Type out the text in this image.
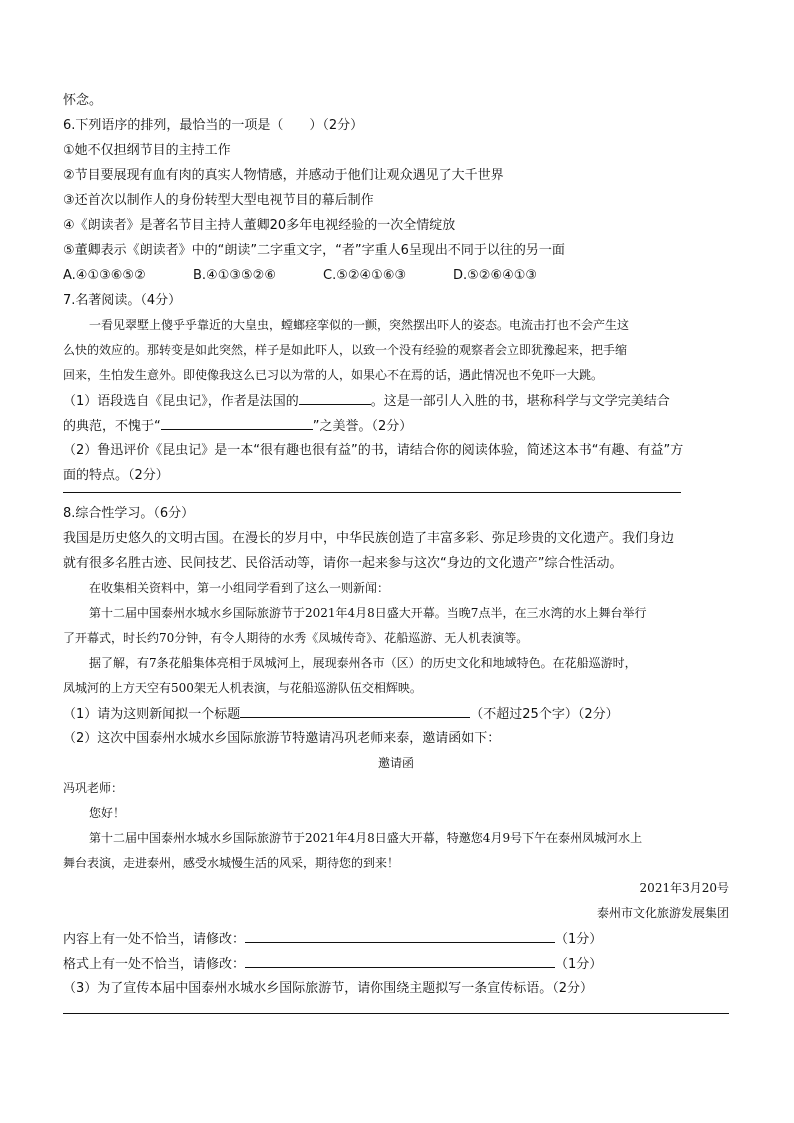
怀念。
6.下列语序的排列，最恰当的一项是（　　）（2分）
①她不仅担纲节目的主持工作
②节目要展现有血有肉的真实人物情感，并感动于他们让观众遇见了大千世界
③还首次以制作人的身份转型大型电视节目的幕后制作
④《朗读者》是著名节目主持人董卿20多年电视经验的一次全情绽放
⑤董卿表示《朗读者》中的“朗读”二字重文字，“者”字重人6呈现出不同于以往的另一面
A.④①③⑥⑤②	B.④①③⑤②⑥	C.⑤②④①⑥③	D.⑤②⑥④①③
7.名著阅读。（4分）
一看见翠墅上傻乎乎靠近的大皇虫，螳螂痉挛似的一颤，突然摆出吓人的姿态。电流击打也不会产生这
么快的效应的。那转变是如此突然，样子是如此吓人，以致一个没有经验的观察者会立即犹豫起来，把手缩
回来，生怕发生意外。即使像我这么已习以为常的人，如果心不在焉的话，遇此情况也不免吓一大跳。
（1）语段选自《昆虫记》，作者是法国的	。这是一部引人入胜的书，堪称科学与文学完美结合
的典范，不愧于“	”之美誉。（2分）
（2）鲁迅评价《昆虫记》是一本“很有趣也很有益”的书，请结合你的阅读体验，简述这本书“有趣、有益”方
面的特点。（2分）
8.综合性学习。（6分）
我国是历史悠久的文明古国。在漫长的岁月中，中华民族创造了丰富多彩、弥足珍贵的文化遗产。我们身边
就有很多名胜古迹、民间技艺、民俗活动等，请你一起来参与这次“身边的文化遗产”综合性活动。
在收集相关资料中，第一小组同学看到了这么一则新闻：
第十二届中国泰州水城水乡国际旅游节于2021年4月8日盛大开幕。当晚7点半，在三水湾的水上舞台举行
了开幕式，时长约70分钟，有令人期待的水秀《凤城传奇》、花船巡游、无人机表演等。
据了解，有7条花船集体亮相于凤城河上，展现泰州各市（区）的历史文化和地域特色。在花船巡游时，
凤城河的上方天空有500架无人机表演，与花船巡游队伍交相辉映。
（1）请为这则新闻拟一个标题	（不超过25个字）（2分）
（2）这次中国泰州水城水乡国际旅游节特邀请冯巩老师来泰，邀请函如下：
邀请函
冯巩老师：
您好！
第十二届中国泰州水城水乡国际旅游节于2021年4月8日盛大开幕，特邀您4月9号下午在泰州凤城河水上
舞台表演，走进泰州，感受水城慢生活的风采，期待您的到来！
2021年3月20号
泰州市文化旅游发展集团
内容上有一处不恰当，请修改：	（1分）
格式上有一处不恰当，请修改：	（1分）
（3）为了宣传本届中国泰州水城水乡国际旅游节，请你围绕主题拟写一条宣传标语。（2分）
